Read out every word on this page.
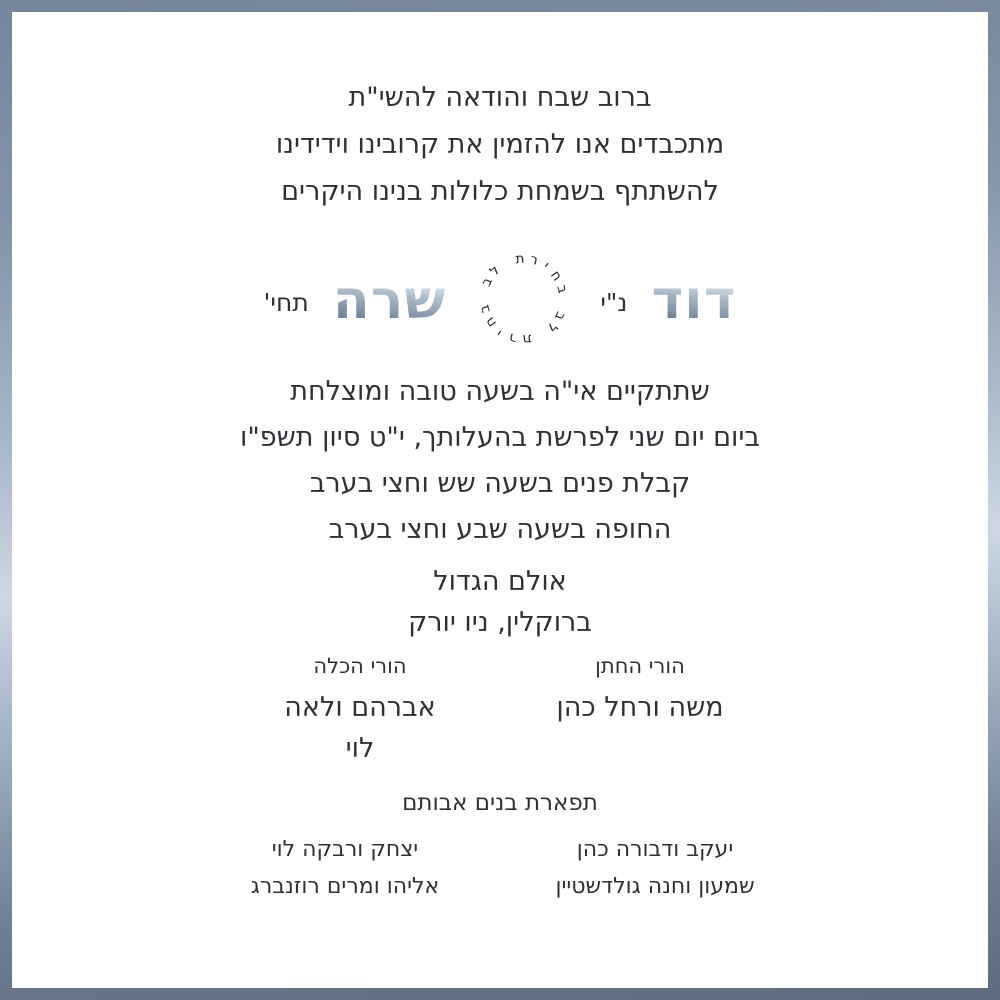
ברוב שבח והודאה להשי"ת
מתכבדים אנו להזמין את קרובינו וידידינו
להשתתף בשמחת כלולות בנינו היקרים
דוד
נ"י
ב
ח
י
ר
ת

ל
ב

ב
ח
י ר ת

ל
ב

שרה
תחי'
שתתקיים אי"ה בשעה טובה ומוצלחת
ביום יום שני לפרשת בהעלותך, י"ט סיון תשפ"ו
קבלת פנים בשעה שש וחצי בערב
החופה בשעה שבע וחצי בערב
אולם הגדול
ברוקלין, ניו יורק
הורי החתן
משה ורחל כהן
הורי הכלה
אברהם ולאה
לוי
תפארת בנים אבותם
יעקב ודבורה כהן
שמעון וחנה גולדשטיין
יצחק ורבקה לוי
אליהו ומרים רוזנברג
